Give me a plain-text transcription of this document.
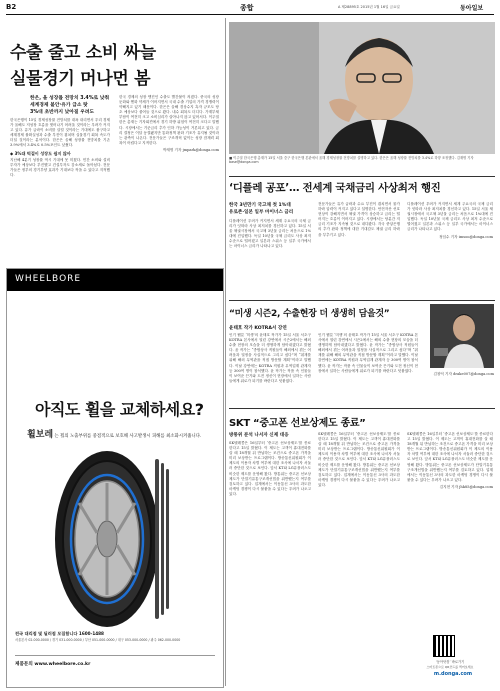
B2	종합	A 제28895호 2015년 1월 16일 금요일	동아일보
수출 줄고 소비 싸늘
실물경기 머나먼 봄
한은, 올 성장률 전망치 3.4%로 낮춰
세계경제 불안·유가 급소 탓
3%대 초반까지 낮아질 우려도
한국은행이 15일 경제성장률 전망치를 대폭 내리면서 우리 경제가 올해도 저성장 흐름을 벗어나기 어려울 것이라는 우려가 커지고 있다. 유가 급락이 소비를 살릴 것이라는 기대에도 불구하고 세계경제 불확실성과 수출 부진이 겹치며 실물경기 회복 속도가 더딜 것이라는 분석이다. 한은은 올해 성장률 전망치를 기존 3.9%에서 3.4%로 0.5%포인트 낮췄다.
◆ 3%대 턱걸이 성장도 쉽지 않아
지난해 4분기 성장률 역시 기대에 못 미쳤다. 민간 소비와 설비투자가 예상보다 부진했고 건설투자도 감소세로 돌아섰다. 전문가들은 정부의 경기부양 효과가 기대보다 작을 수 있다고 지적했다.
한국 경제의 성장 엔진인 수출도 빨간불이 켜졌다. 중국의 성장 둔화와 엔화 약세가 이어지면서 국내 수출 기업의 가격 경쟁력이 약해지고 있기 때문이다. 한은은 올해 경상수지 흑자 규모도 당초 예상보다 줄어들 것으로 봤다. 내수 회복도 더디다. 가계부채 부담이 여전히 크고 소비심리가 살아나지 않고 있어서다. 이주열 한은 총재는 기자회견에서 경기 하방 위험이 여전히 크다고 말했다. 시장에서는 기준금리 추가 인하 가능성이 거론되고 있다. 금리 결정은 이달 동결됐지만 통화정책 완화 기조가 유지될 것이라는 관측이 나온다. 전문가들은 구조개혁 없이는 성장 잠재력 회복이 어렵다고 지적한다.
박재명 기자 jmpark@donga.com
■ 이주열 한국은행 총재가 15일 서울 중구 한국은행 본관에서 올해 경제성장률 전망치를 설명하고 있다. 한은은 올해 성장률 전망치를 3.4%로 하향 조정했다. 김재명 기자 base@donga.com
‘디플레 공포’… 전세계 국채금리 사상최저 행진
한국 3년만기 국고채 첫 1%대
유로존·일본 일부 마이너스 금리
디플레이션 우려가 커지면서 세계 주요국의 국채 금리가 잇따라 사상 최저치를 경신하고 있다. 15일 서울 채권시장에서 국고채 3년물 금리는 처음으로 1%대에 진입했다. 독일 10년물 국채 금리도 사상 최저 수준으로 떨어졌고 일본과 스위스 등 일부 국가에서는 마이너스 금리가 나타나고 있다.
전문가들은 유가 급락과 수요 부진이 겹치면서 물가 하락 압력이 커지고 있다고 설명한다. 안전자산 선호 현상이 강해지면서 채권 가격이 상승하고 금리는 떨어지는 흐름이 이어지고 있다. 시장에서는 당분간 저금리 기조가 지속될 것으로 내다봤다. 각국 중앙은행의 추가 완화 정책에 대한 기대감도 채권 금리 하락을 부추기고 있다.
디플레이션 우려가 커지면서 세계 주요국의 국채 금리가 잇따라 사상 최저치를 경신하고 있다. 15일 서울 채권시장에서 국고채 3년물 금리는 처음으로 1%대에 진입했다. 독일 10년물 국채 금리도 사상 최저 수준으로 떨어졌고 일본과 스위스 등 일부 국가에서는 마이너스 금리가 나타나고 있다.
정임수 기자 imsoo@donga.com
“미생 시즌2, 수출현장 더 생생히 담을것”
윤태호 작가 KOTRA서 강연
인기 웹툰 ‘미생’의 윤태호 작가가 15일 서울 서초구 KOTRA 본사에서 열린 강연에서 시즌2에서는 해외 수출 현장의 모습을 더 생생하게 담아내겠다고 밝혔다. 윤 작가는 “종합상사 직원들이 해외에서 겪는 어려움과 열정을 사실적으로 그리고 싶다”며 “취재를 위해 해외 무역관을 직접 방문할 계획”이라고 말했다. 이날 강연에는 KOTRA 직원과 무역업계 관계자 등 300여 명이 참석했다. 윤 작가는 작품 속 인물들이 보여준 끈기와 도전 정신이 현장에서 일하는 사람들에게 위로가 되기를 바란다고 덧붙였다.
인기 웹툰 ‘미생’의 윤태호 작가가 15일 서울 서초구 KOTRA 본사에서 열린 강연에서 시즌2에서는 해외 수출 현장의 모습을 더 생생하게 담아내겠다고 밝혔다. 윤 작가는 “종합상사 직원들이 해외에서 겪는 어려움과 열정을 사실적으로 그리고 싶다”며 “취재를 위해 해외 무역관을 직접 방문할 계획”이라고 말했다. 이날 강연에는 KOTRA 직원과 무역업계 관계자 등 300여 명이 참석했다. 윤 작가는 작품 속 인물들이 보여준 끈기와 도전 정신이 현장에서 일하는 사람들에게 위로가 되기를 바란다고 덧붙였다.
김창덕 기자 drake007@donga.com
SKT “중고폰 선보상제도 종료”
방통위 분석 나서자 신제 대응
SK텔레콤은 16일부터 ‘중고폰 선보상제도’를 종료한다고 15일 밝혔다. 이 제도는 고객이 휴대전화를 살 때 18개월 뒤 반납하는 조건으로 중고폰 가격을 미리 보상받는 프로그램이다. 방송통신위원회가 이 제도의 이용자 차별 여부에 대한 조사에 나서자 서둘러 중단한 것으로 보인다. 앞서 KT와 LG유플러스도 비슷한 제도를 운영해 왔다. 방통위는 중고폰 선보상제도가 단말기유통구조개선법을 위반했는지 여부를 검토하고 있다. 업계에서는 이동통신 3사의 과도한 마케팅 경쟁이 다시 불붙을 수 있다는 우려가 나오고 있다.
SK텔레콤은 16일부터 ‘중고폰 선보상제도’를 종료한다고 15일 밝혔다. 이 제도는 고객이 휴대전화를 살 때 18개월 뒤 반납하는 조건으로 중고폰 가격을 미리 보상받는 프로그램이다. 방송통신위원회가 이 제도의 이용자 차별 여부에 대한 조사에 나서자 서둘러 중단한 것으로 보인다. 앞서 KT와 LG유플러스도 비슷한 제도를 운영해 왔다. 방통위는 중고폰 선보상제도가 단말기유통구조개선법을 위반했는지 여부를 검토하고 있다. 업계에서는 이동통신 3사의 과도한 마케팅 경쟁이 다시 불붙을 수 있다는 우려가 나오고 있다.
SK텔레콤은 16일부터 ‘중고폰 선보상제도’를 종료한다고 15일 밝혔다. 이 제도는 고객이 휴대전화를 살 때 18개월 뒤 반납하는 조건으로 중고폰 가격을 미리 보상받는 프로그램이다. 방송통신위원회가 이 제도의 이용자 차별 여부에 대한 조사에 나서자 서둘러 중단한 것으로 보인다. 앞서 KT와 LG유플러스도 비슷한 제도를 운영해 왔다. 방통위는 중고폰 선보상제도가 단말기유통구조개선법을 위반했는지 여부를 검토하고 있다. 업계에서는 이동통신 3사의 과도한 마케팅 경쟁이 다시 불붙을 수 있다는 우려가 나오고 있다.
김지현 기자 jhk85@donga.com
‘동아닷컴’ 바로가기
스마트폰으로 QR코드를 찍어보세요
m.donga.com
WHEELBORE
아직도 휠을 교체하세요?
휠보레 는 휠의 노출부위를 중점적으로 보호해 사고발생시 피해를 최소화시켜줍니다.
전국 대리점 및 딜러점 모집합니다 1600-1488
서울본사 02-000-0000 / 경기 031-000-0000 / 부산 051-000-0000 / 대구 053-000-0000 / 광주 062-000-0000
제품문의 www.wheelbore.co.kr
